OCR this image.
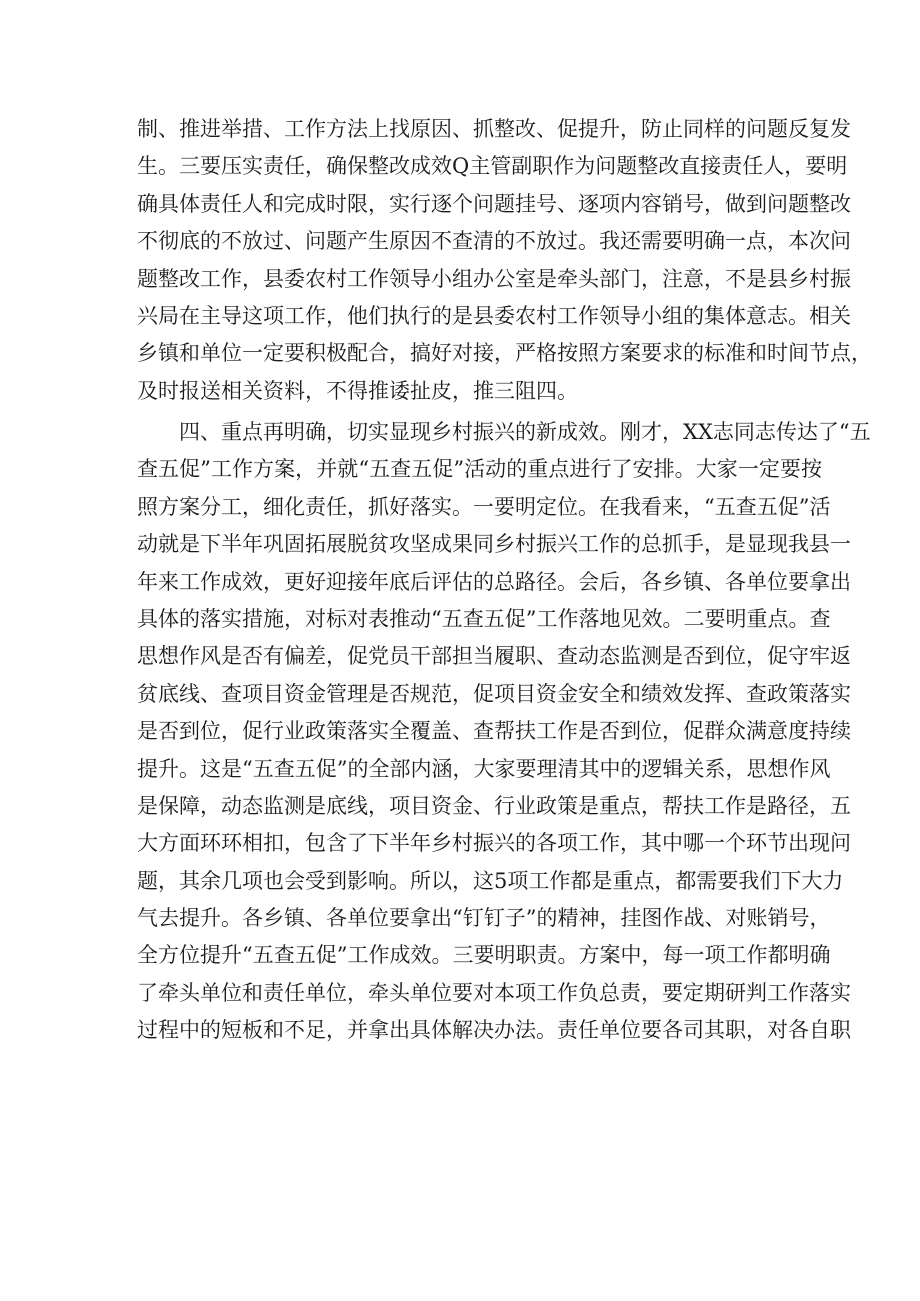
制、推进举措、工作方法上找原因、抓整改、促提升，防止同样的问题反复发
生。三要压实责任，确保整改成效Q主管副职作为问题整改直接责任人，要明
确具体责任人和完成时限，实行逐个问题挂号、逐项内容销号，做到问题整改
不彻底的不放过、问题产生原因不查清的不放过。我还需要明确一点，本次问
题整改工作，县委农村工作领导小组办公室是牵头部门，注意，不是县乡村振
兴局在主导这项工作，他们执行的是县委农村工作领导小组的集体意志。相关
乡镇和单位一定要积极配合，搞好对接，严格按照方案要求的标准和时间节点，
及时报送相关资料，不得推诿扯皮，推三阻四。
四、重点再明确，切实显现乡村振兴的新成效。刚才，XX志同志传达了“五
查五促”工作方案，并就“五查五促”活动的重点进行了安排。大家一定要按
照方案分工，细化责任，抓好落实。一要明定位。在我看来，“五查五促”活
动就是下半年巩固拓展脱贫攻坚成果同乡村振兴工作的总抓手，是显现我县一
年来工作成效，更好迎接年底后评估的总路径。会后，各乡镇、各单位要拿出
具体的落实措施，对标对表推动“五查五促”工作落地见效。二要明重点。查
思想作风是否有偏差，促党员干部担当履职、查动态监测是否到位，促守牢返
贫底线、查项目资金管理是否规范，促项目资金安全和绩效发挥、查政策落实
是否到位，促行业政策落实全覆盖、查帮扶工作是否到位，促群众满意度持续
提升。这是“五查五促”的全部内涵，大家要理清其中的逻辑关系，思想作风
是保障，动态监测是底线，项目资金、行业政策是重点，帮扶工作是路径，五
大方面环环相扣，包含了下半年乡村振兴的各项工作，其中哪一个环节出现问
题，其余几项也会受到影响。所以，这5项工作都是重点，都需要我们下大力
气去提升。各乡镇、各单位要拿出“钉钉子”的精神，挂图作战、对账销号，
全方位提升“五查五促”工作成效。三要明职责。方案中，每一项工作都明确
了牵头单位和责任单位，牵头单位要对本项工作负总责，要定期研判工作落实
过程中的短板和不足，并拿出具体解决办法。责任单位要各司其职，对各自职
